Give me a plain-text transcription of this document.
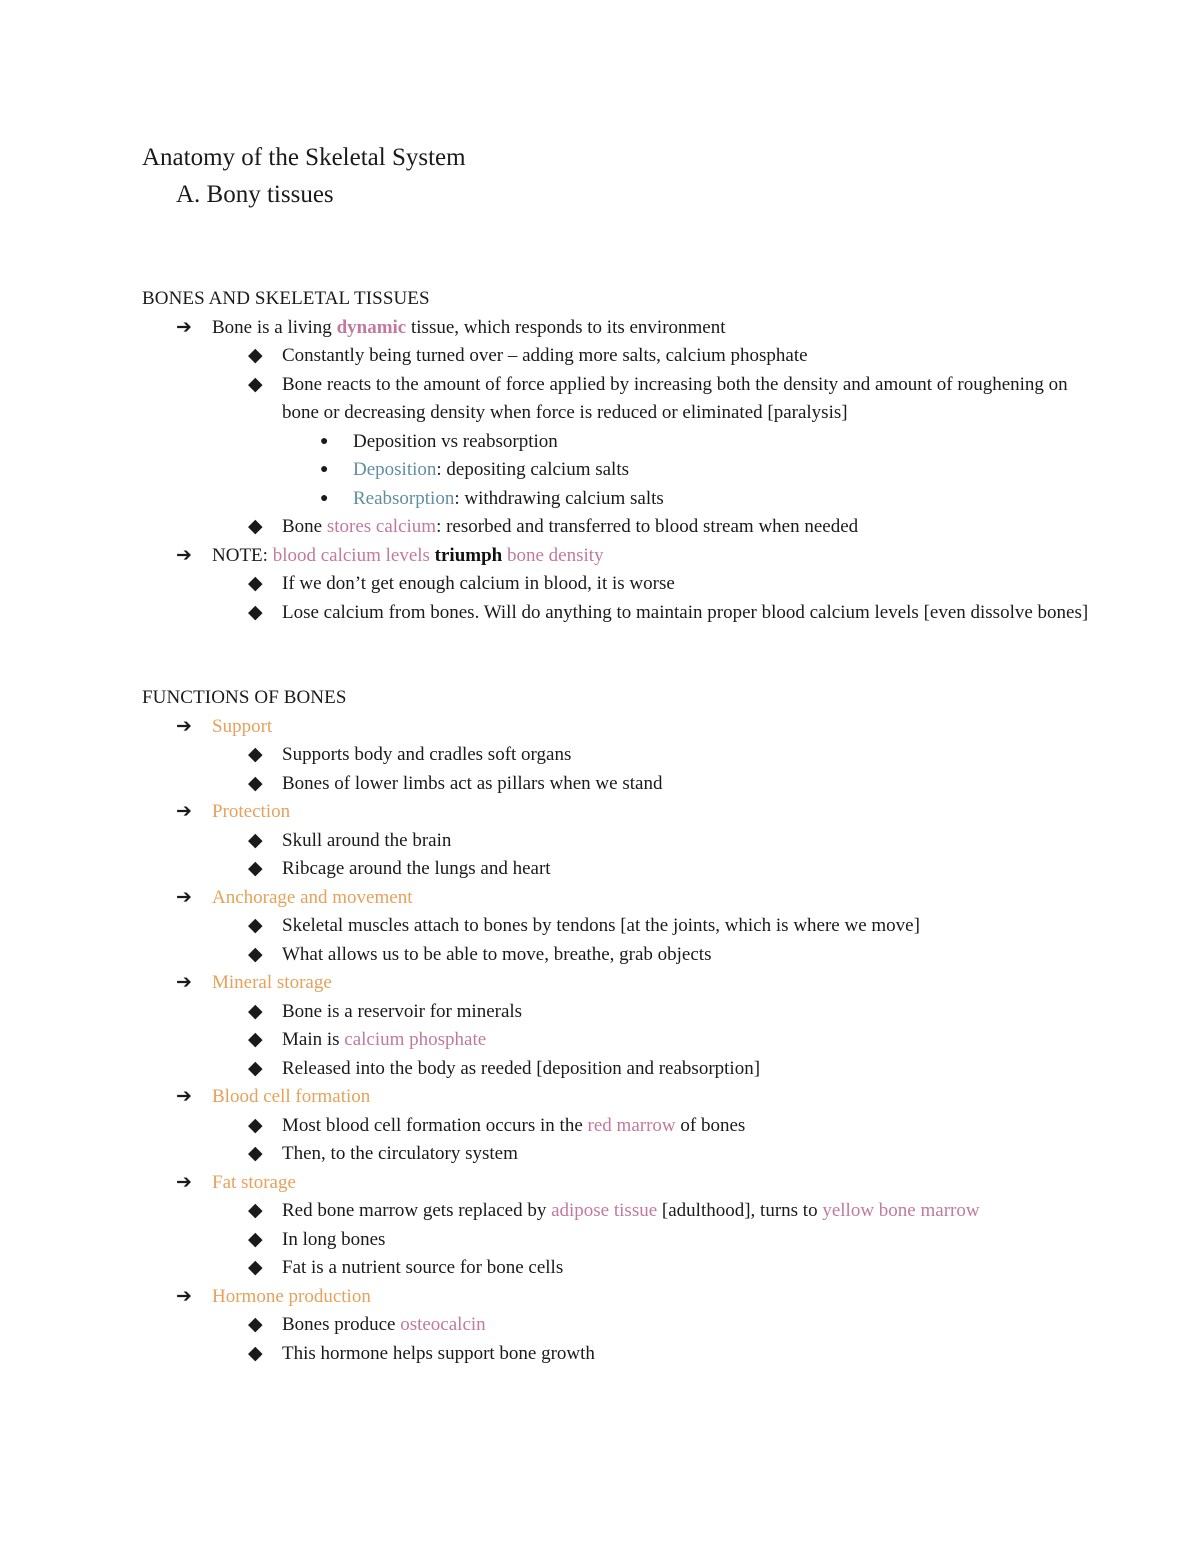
Anatomy of the Skeletal System
A. Bony tissues
BONES AND SKELETAL TISSUES
➔ Bone is a living dynamic tissue, which responds to its environment
◆ Constantly being turned over – adding more salts, calcium phosphate
◆ Bone reacts to the amount of force applied by increasing both the density and amount of roughening on bone or decreasing density when force is reduced or eliminated [paralysis]
● Deposition vs reabsorption
● Deposition: depositing calcium salts
● Reabsorption: withdrawing calcium salts
◆ Bone stores calcium: resorbed and transferred to blood stream when needed
➔ NOTE: blood calcium levels triumph bone density
◆ If we don’t get enough calcium in blood, it is worse
◆ Lose calcium from bones. Will do anything to maintain proper blood calcium levels [even dissolve bones]
FUNCTIONS OF BONES
➔ Support
◆ Supports body and cradles soft organs
◆ Bones of lower limbs act as pillars when we stand
➔ Protection
◆ Skull around the brain
◆ Ribcage around the lungs and heart
➔ Anchorage and movement
◆ Skeletal muscles attach to bones by tendons [at the joints, which is where we move]
◆ What allows us to be able to move, breathe, grab objects
➔ Mineral storage
◆ Bone is a reservoir for minerals
◆ Main is calcium phosphate
◆ Released into the body as reeded [deposition and reabsorption]
➔ Blood cell formation
◆ Most blood cell formation occurs in the red marrow of bones
◆ Then, to the circulatory system
➔ Fat storage
◆ Red bone marrow gets replaced by adipose tissue [adulthood], turns to yellow bone marrow
◆ In long bones
◆ Fat is a nutrient source for bone cells
➔ Hormone production
◆ Bones produce osteocalcin
◆ This hormone helps support bone growth
